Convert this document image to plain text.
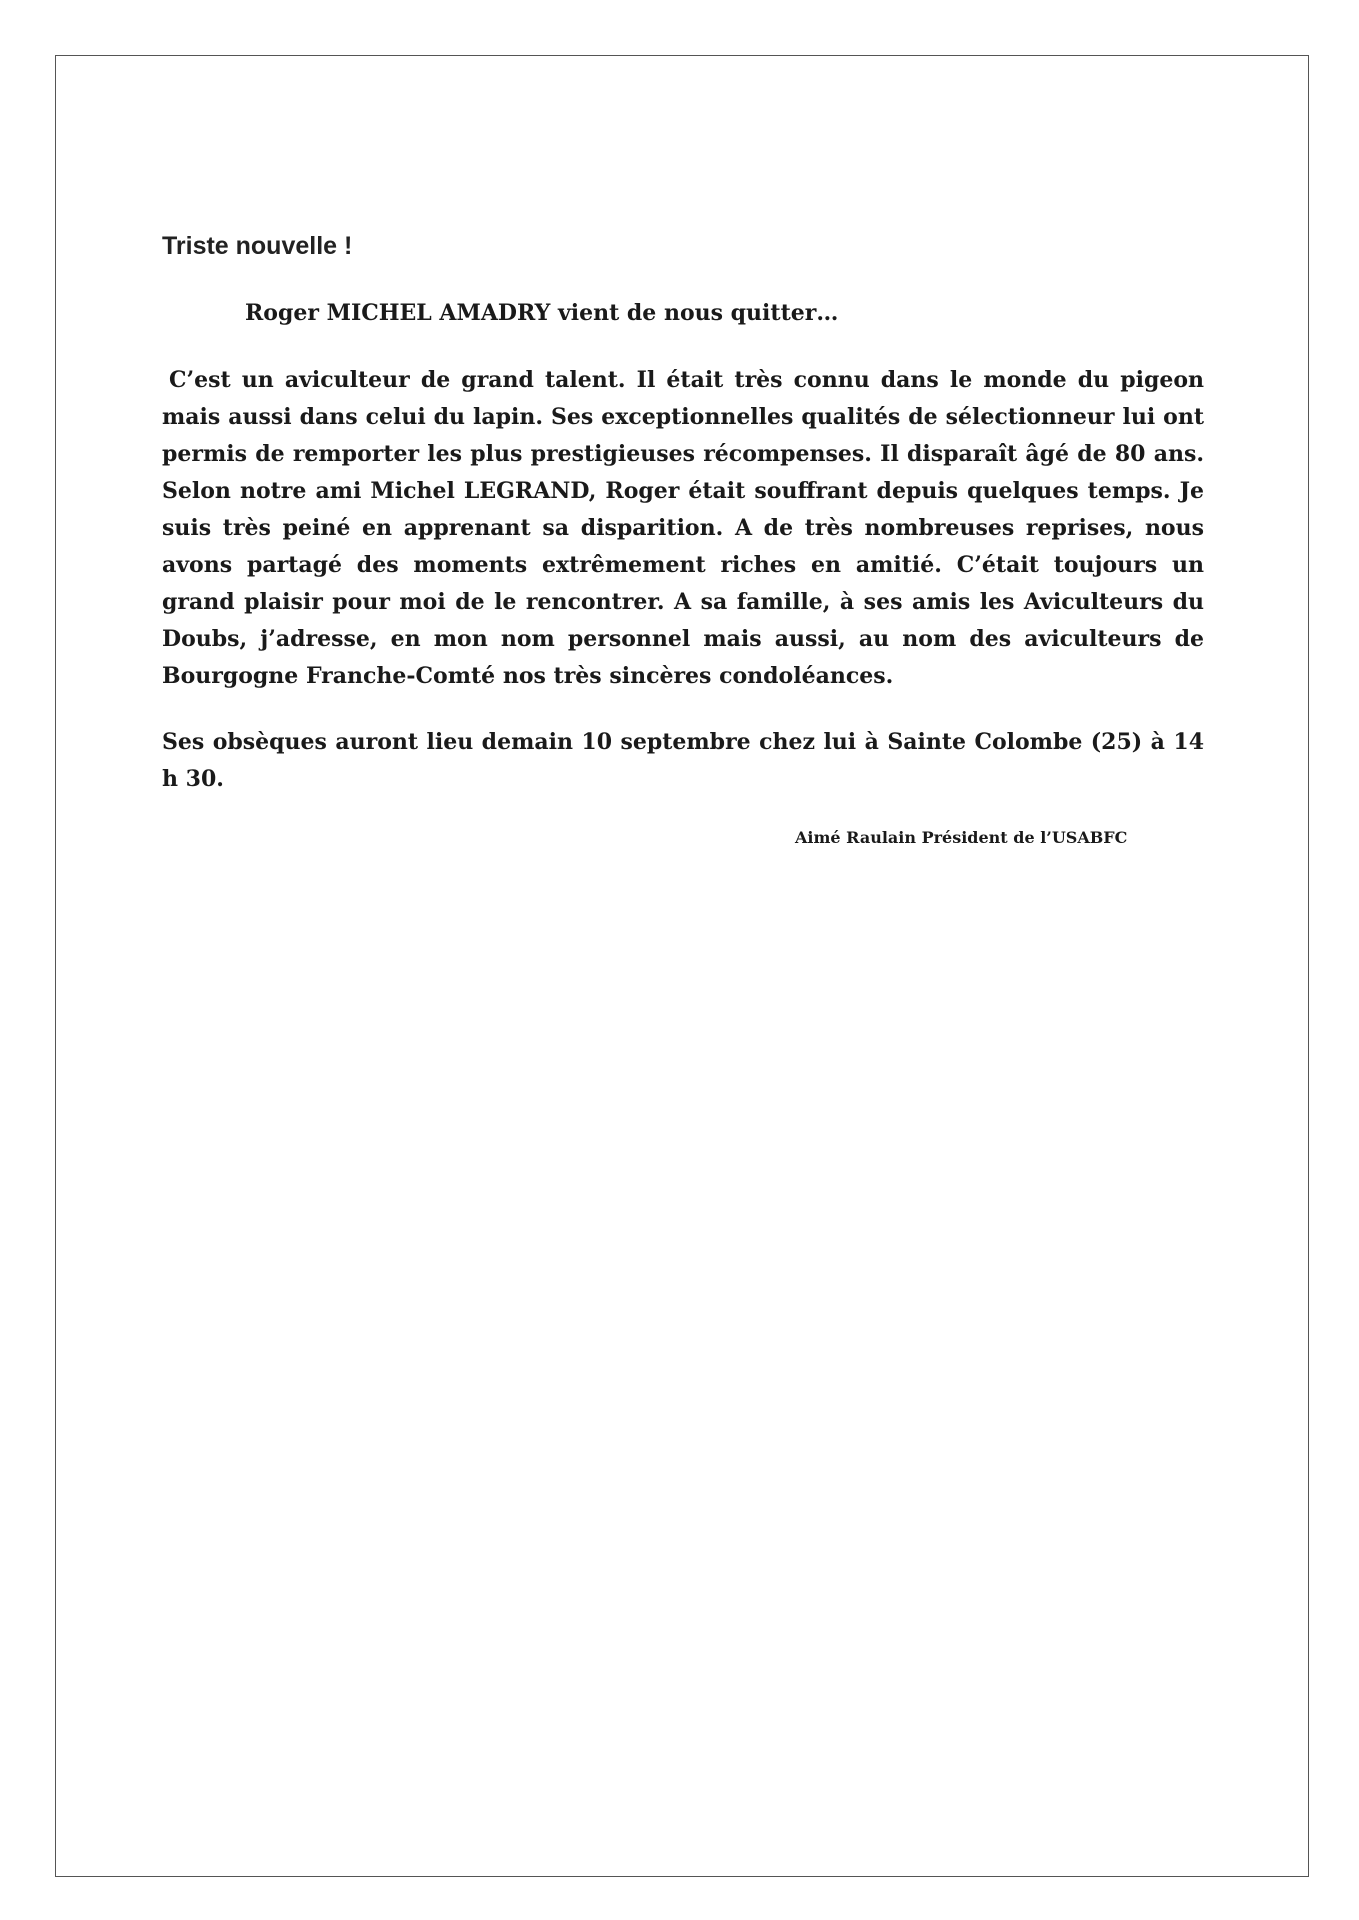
Triste nouvelle !

Roger MICHEL AMADRY vient de nous quitter…

C’est un aviculteur de grand talent. Il était très connu dans le monde du pigeon mais aussi dans celui du lapin. Ses exceptionnelles qualités de sélectionneur lui ont permis de remporter les plus prestigieuses récompenses. Il disparaît âgé de 80 ans. Selon notre ami Michel LEGRAND, Roger était souffrant depuis quelques temps. Je suis très peiné en apprenant sa disparition. A de très nombreuses reprises, nous avons partagé des moments extrêmement riches en amitié. C’était toujours un grand plaisir pour moi de le rencontrer. A sa famille, à ses amis les Aviculteurs du Doubs, j’adresse, en mon nom personnel mais aussi, au nom des aviculteurs de Bourgogne Franche-Comté nos très sincères condoléances.

Ses obsèques auront lieu demain 10 septembre chez lui à Sainte Colombe (25) à 14 h 30.

Aimé Raulain Président de l’USABFC
